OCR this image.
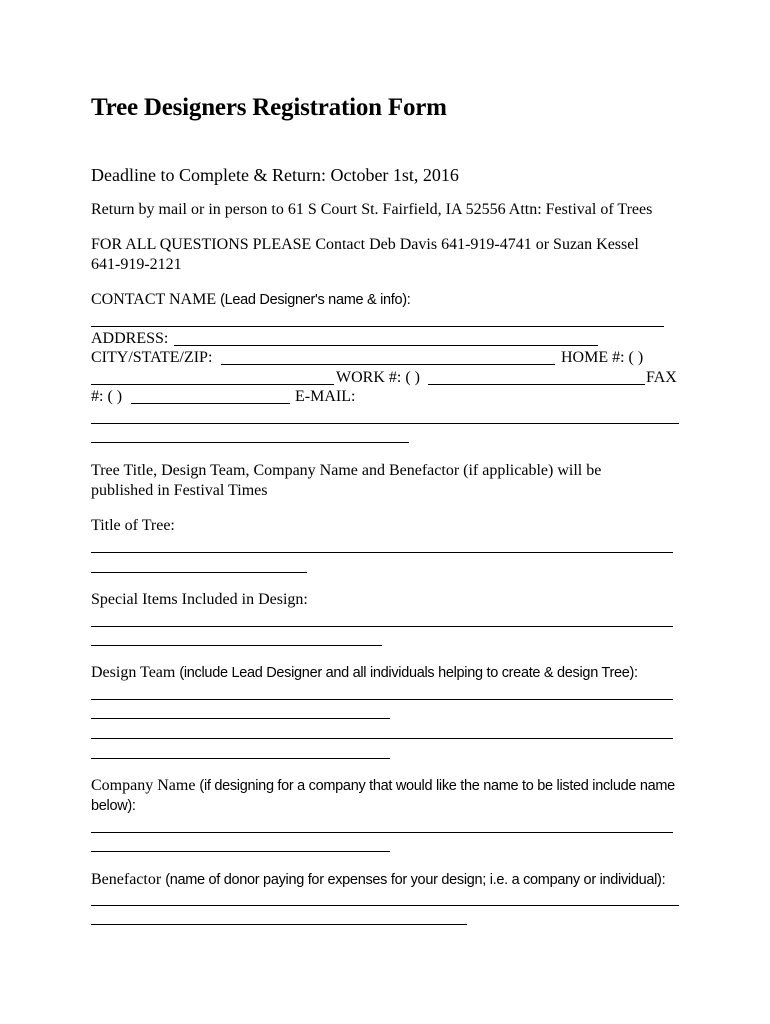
Tree Designers Registration Form
Deadline to Complete & Return: October 1st, 2016
Return by mail or in person to 61 S Court St. Fairfield, IA 52556 Attn: Festival of Trees
FOR ALL QUESTIONS PLEASE Contact Deb Davis 641-919-4741 or Suzan Kessel
641-919-2121
CONTACT NAME (Lead Designer's name & info):
ADDRESS:
CITY/STATE/ZIP:	HOME #: ( )
WORK #: ( )	FAX
#: ( )	E-MAIL:
Tree Title, Design Team, Company Name and Benefactor (if applicable) will be
published in Festival Times
Title of Tree:
Special Items Included in Design:
Design Team (include Lead Designer and all individuals helping to create & design Tree):
Company Name (if designing for a company that would like the name to be listed include name
below):
Benefactor (name of donor paying for expenses for your design; i.e. a company or individual):
